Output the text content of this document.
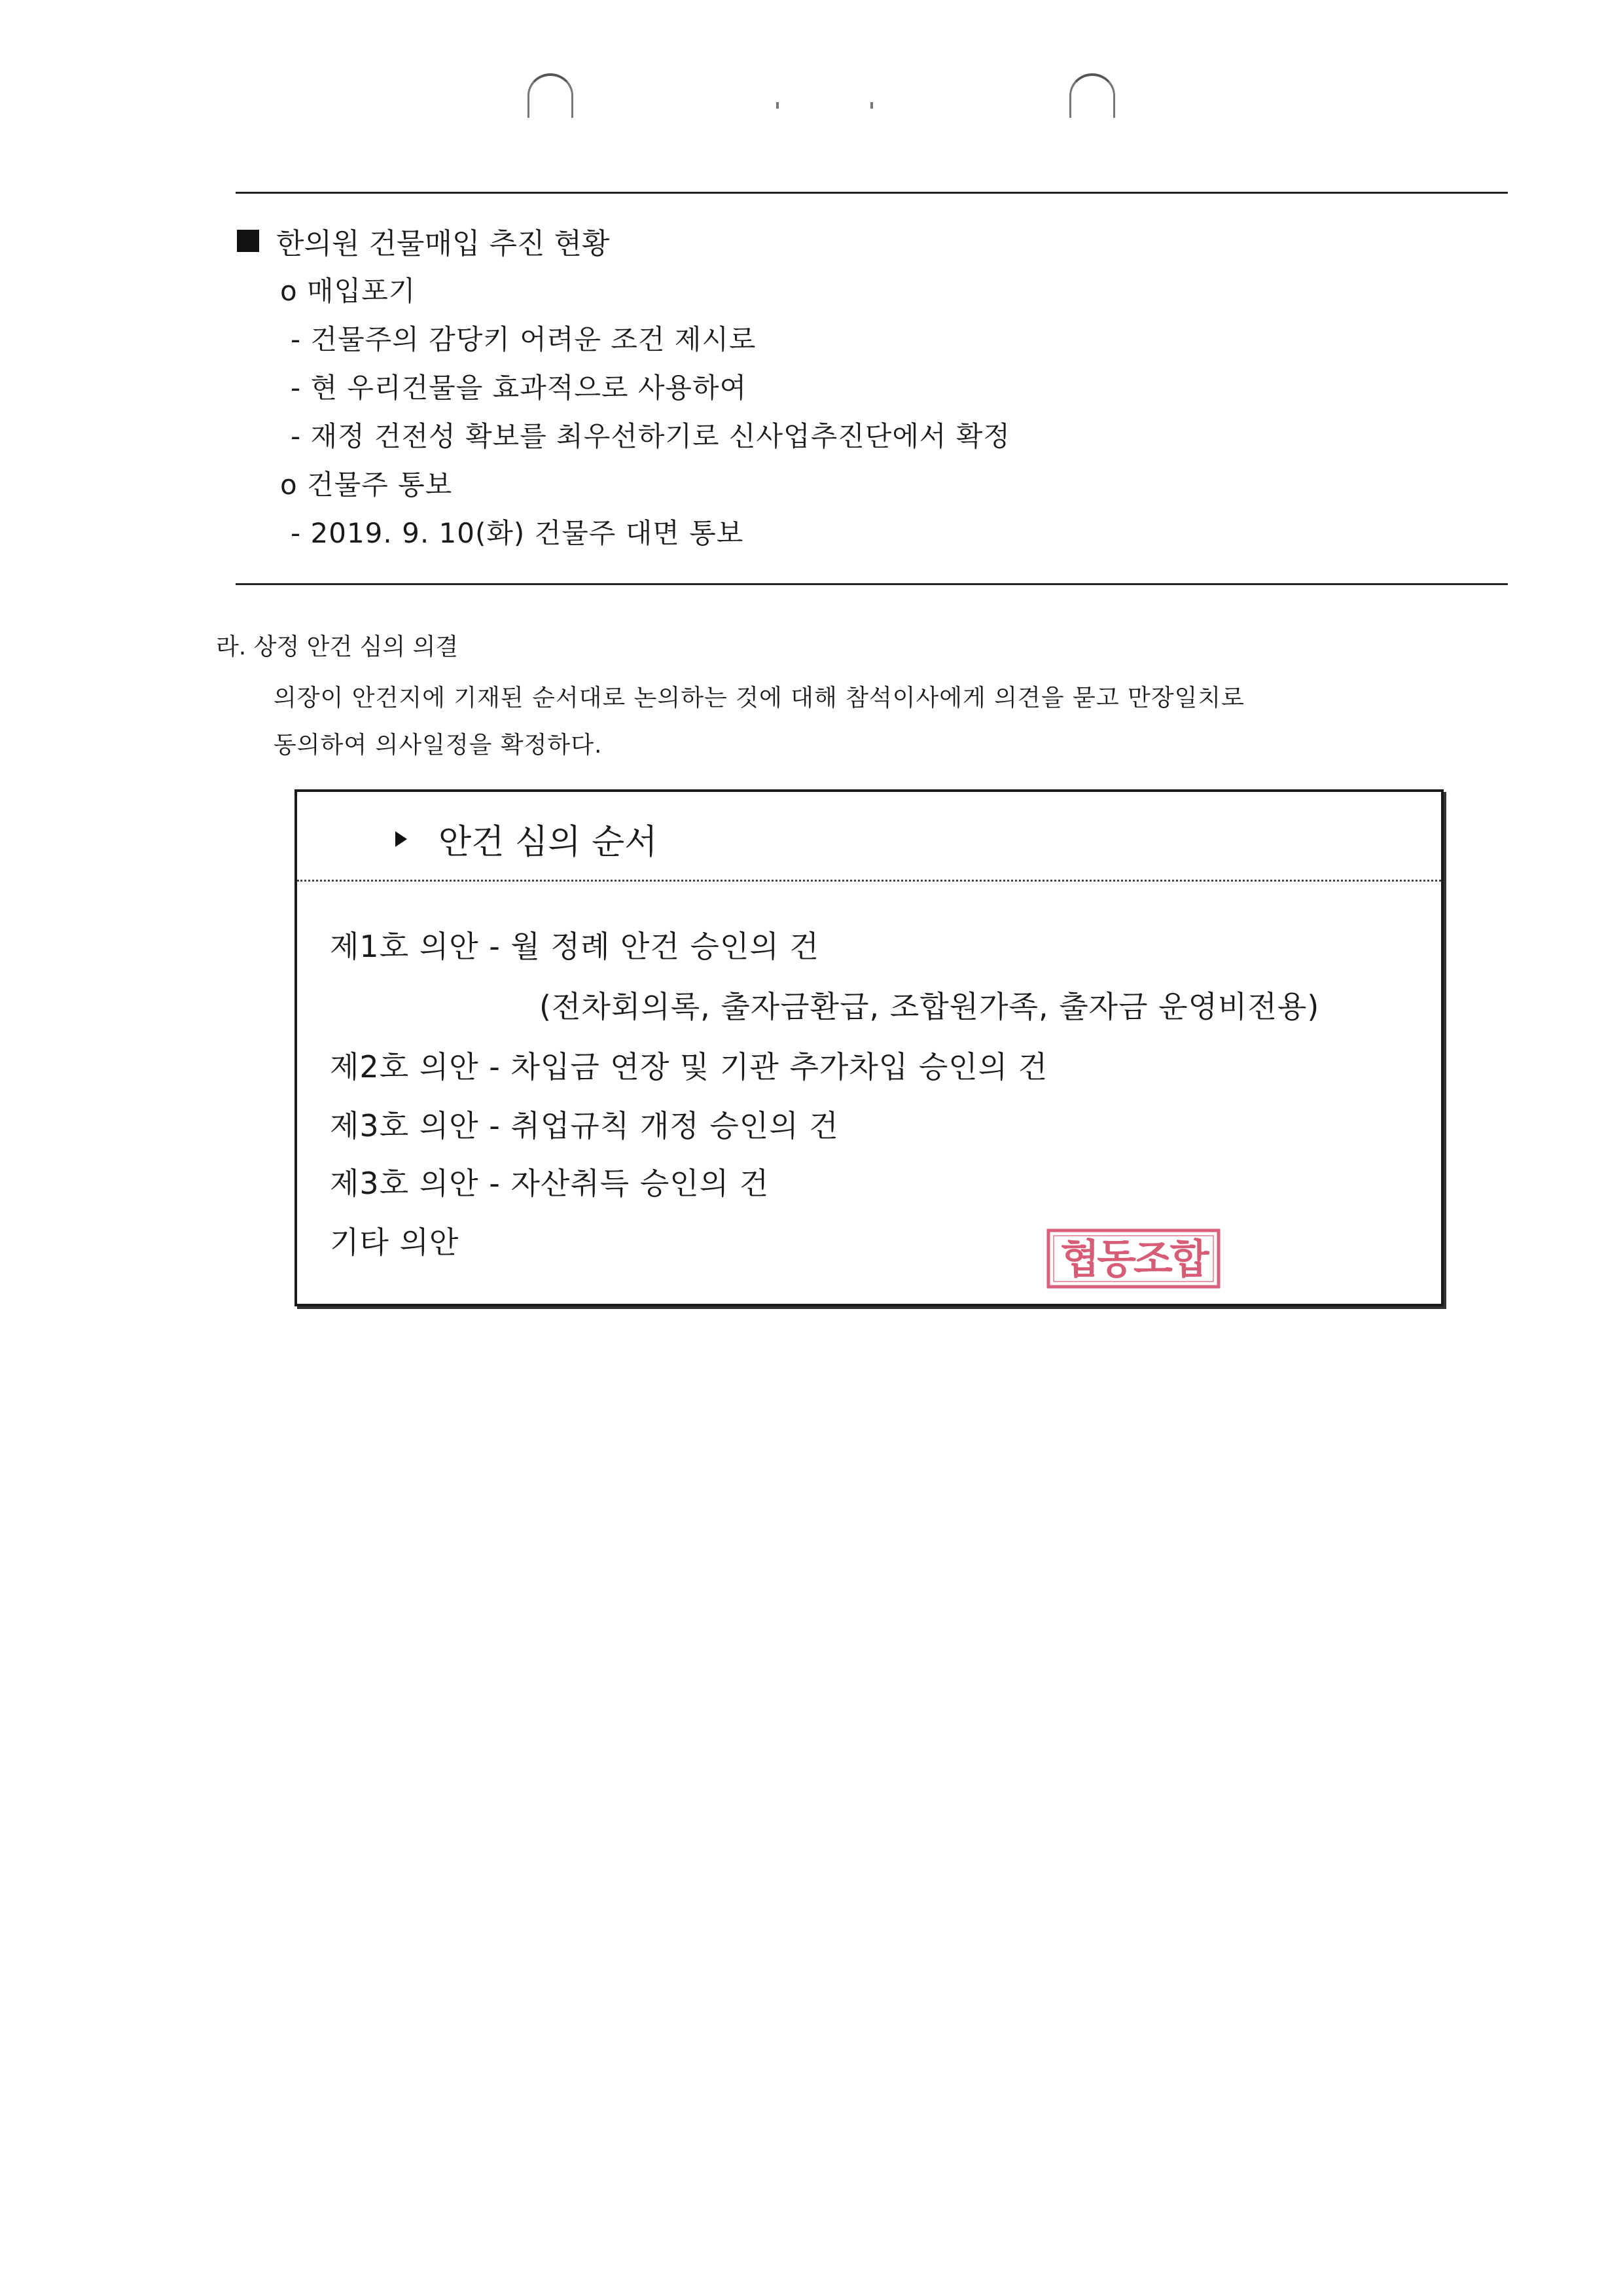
한의원 건물매입 추진 현황
o 매입포기
- 건물주의 감당키 어려운 조건 제시로
- 현 우리건물을 효과적으로 사용하여
- 재정 건전성 확보를 최우선하기로 신사업추진단에서 확정
o 건물주 통보
- 2019. 9. 10(화) 건물주 대면 통보
라. 상정 안건 심의 의결
의장이 안건지에 기재된 순서대로 논의하는 것에 대해 참석이사에게 의견을 묻고 만장일치로
동의하여 의사일정을 확정하다.
안건 심의 순서
제1호 의안 - 월 정례 안건 승인의 건
(전차회의록, 출자금환급, 조합원가족, 출자금 운영비전용)
제2호 의안 - 차입금 연장 및 기관 추가차입 승인의 건
제3호 의안 - 취업규칙 개정 승인의 건
제3호 의안 - 자산취득 승인의 건
기타 의안	협동조합
